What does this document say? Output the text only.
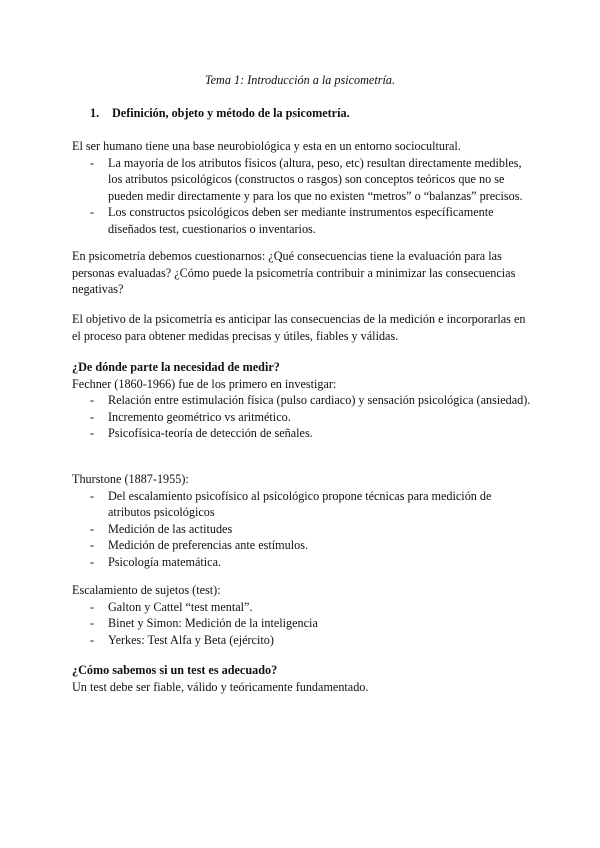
Tema 1: Introducción a la psicometría.
1. Definición, objeto y método de la psicometría.

El ser humano tiene una base neurobiológica y esta en un entorno sociocultural.

- La mayoría de los atributos físicos (altura, peso, etc) resultan directamente medibles, los atributos psicológicos (constructos o rasgos) son conceptos teóricos que no se pueden medir directamente y para los que no existen “metros” o “balanzas” precisos.
- Los constructos psicológicos deben ser mediante instrumentos específicamente diseñados test, cuestionarios o inventarios.

En psicometría debemos cuestionarnos: ¿Qué consecuencias tiene la evaluación para las personas evaluadas? ¿Cómo puede la psicometría contribuir a minimizar las consecuencias negativas?

El objetivo de la psicometría es anticipar las consecuencias de la medición e incorporarlas en el proceso para obtener medidas precisas y útiles, fiables y válidas.

¿De dónde parte la necesidad de medir?

Fechner (1860-1966) fue de los primero en investigar:

- Relación entre estimulación física (pulso cardiaco) y sensación psicológica (ansiedad).
- Incremento geométrico vs aritmético.
- Psicofísica-teoría de detección de señales.

Thurstone (1887-1955):

- Del escalamiento psicofísico al psicológico propone técnicas para medición de atributos psicológicos
- Medición de las actitudes
- Medición de preferencias ante estímulos.
- Psicología matemática.

Escalamiento de sujetos (test):

- Galton y Cattel “test mental”.
- Binet y Simon: Medición de la inteligencia
- Yerkes: Test Alfa y Beta (ejército)

¿Cómo sabemos si un test es adecuado?

Un test debe ser fiable, válido y teóricamente fundamentado.
